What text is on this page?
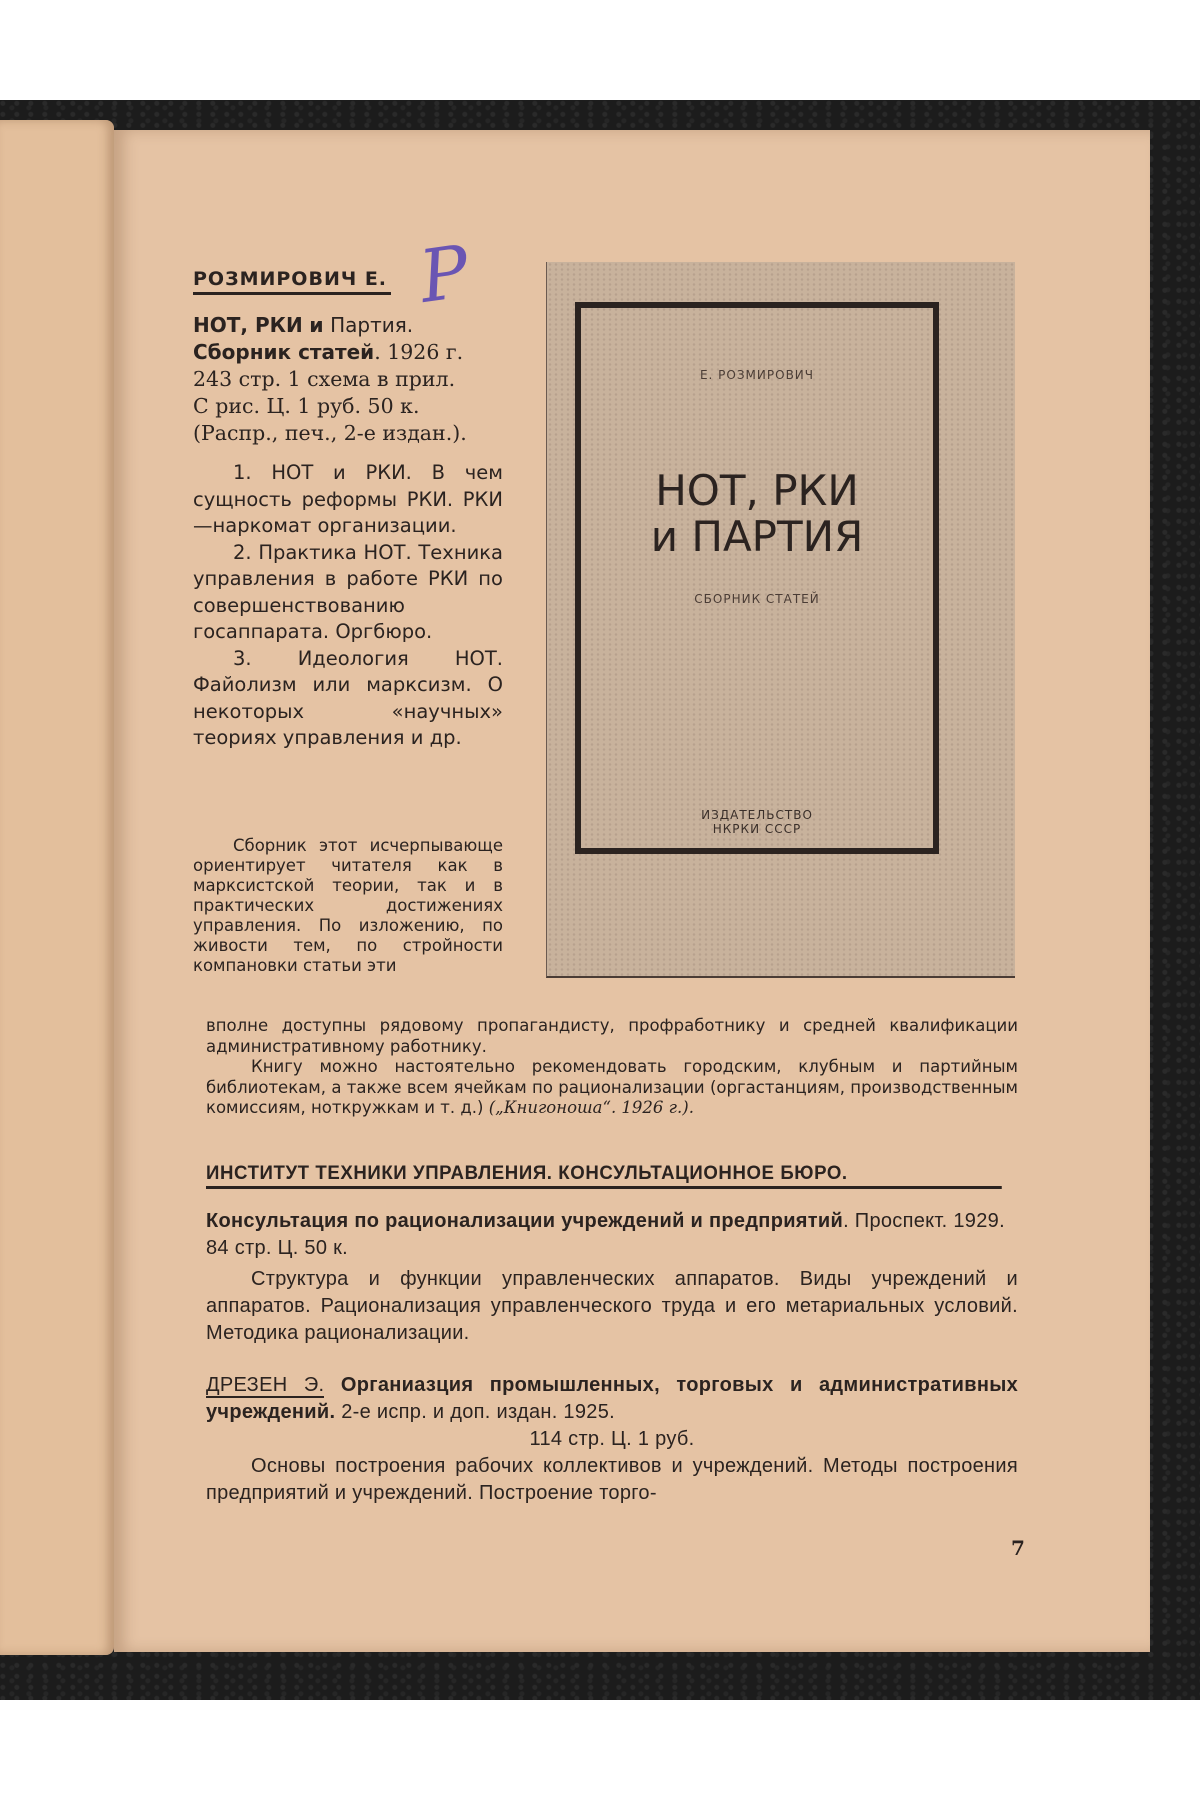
РОЗМИРОВИЧ Е. Р
НОТ, РКИ и Партия.
Сборник статей. 1926 г.
243 стр. 1 схема в прил.
С рис. Ц. 1 руб. 50 к.
(Распр., печ., 2-е издан.).

1. НОТ и РКИ. В чем сущность реформы РКИ. РКИ—наркомат организации.

2. Практика НОТ. Техника управления в работе РКИ по совершенствованию госаппарата. Оргбюро.

3. Идеология НОТ. Файолизм или марксизм. О некоторых «научных» теориях управления и др.

Сборник этот исчерпывающе ориентирует читателя как в марксистской теории, так и в практических достижениях управления. По изложению, по живости тем, по стройности компановки статьи эти

Е. РОЗМИРОВИЧ
НОТ, РКИ
и ПАРТИЯ
СБОРНИК СТАТЕЙ
ИЗДАТЕЛЬСТВО
НКРКИ СССР

вполне доступны рядовому пропагандисту, профработнику и средней квалификации административному работнику.

Книгу можно настоятельно рекомендовать городским, клубным и партийным библиотекам, а также всем ячейкам по рационализации (оргастанциям, производственным комиссиям, ноткружкам и т. д.) („Книгоноша“. 1926 г.).

ИНСТИТУТ ТЕХНИКИ УПРАВЛЕНИЯ. КОНСУЛЬТАЦИОННОЕ БЮРО.

Консультация по рационализации учреждений и предприятий. Проспект. 1929. 84 стр. Ц. 50 к.

Структура и функции управленческих аппаратов. Виды учреждений и аппаратов. Рационализация управленческого труда и его метариальных условий. Методика рационализации.

ДРЕЗЕН Э. Органиазция промышленных, торговых и административных учреждений. 2-е испр. и доп. издан. 1925.

114 стр. Ц. 1 руб.

Основы построения рабочих коллективов и учреждений. Методы построения предприятий и учреждений. Построение торго-

7
